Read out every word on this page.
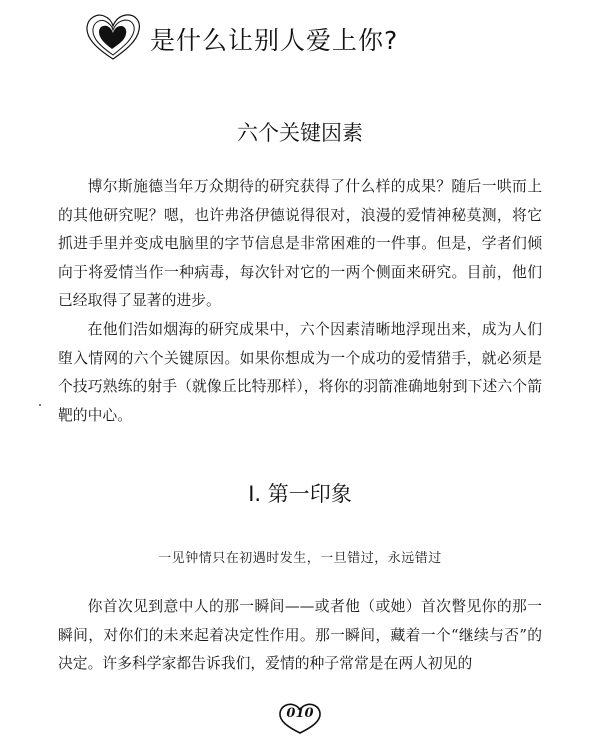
是什么让别人爱上你?
六个关键因素

博尔斯施德当年万众期待的研究获得了什么样的成果？随后一哄而上的其他研究呢？嗯，也许弗洛伊德说得很对，浪漫的爱情神秘莫测，将它抓进手里并变成电脑里的字节信息是非常困难的一件事。但是，学者们倾向于将爱情当作一种病毒，每次针对它的一两个侧面来研究。目前，他们已经取得了显著的进步。

在他们浩如烟海的研究成果中，六个因素清晰地浮现出来，成为人们堕入情网的六个关键原因。如果你想成为一个成功的爱情猎手，就必须是个技巧熟练的射手（就像丘比特那样），将你的羽箭准确地射到下述六个箭靶的中心。

Ⅰ. 第一印象
一见钟情只在初遇时发生，一旦错过，永远错过

你首次见到意中人的那一瞬间——或者他（或她）首次瞥见你的那一瞬间，对你们的未来起着决定性作用。那一瞬间，藏着一个“继续与否”的决定。许多科学家都告诉我们，爱情的种子常常是在两人初见的

010
